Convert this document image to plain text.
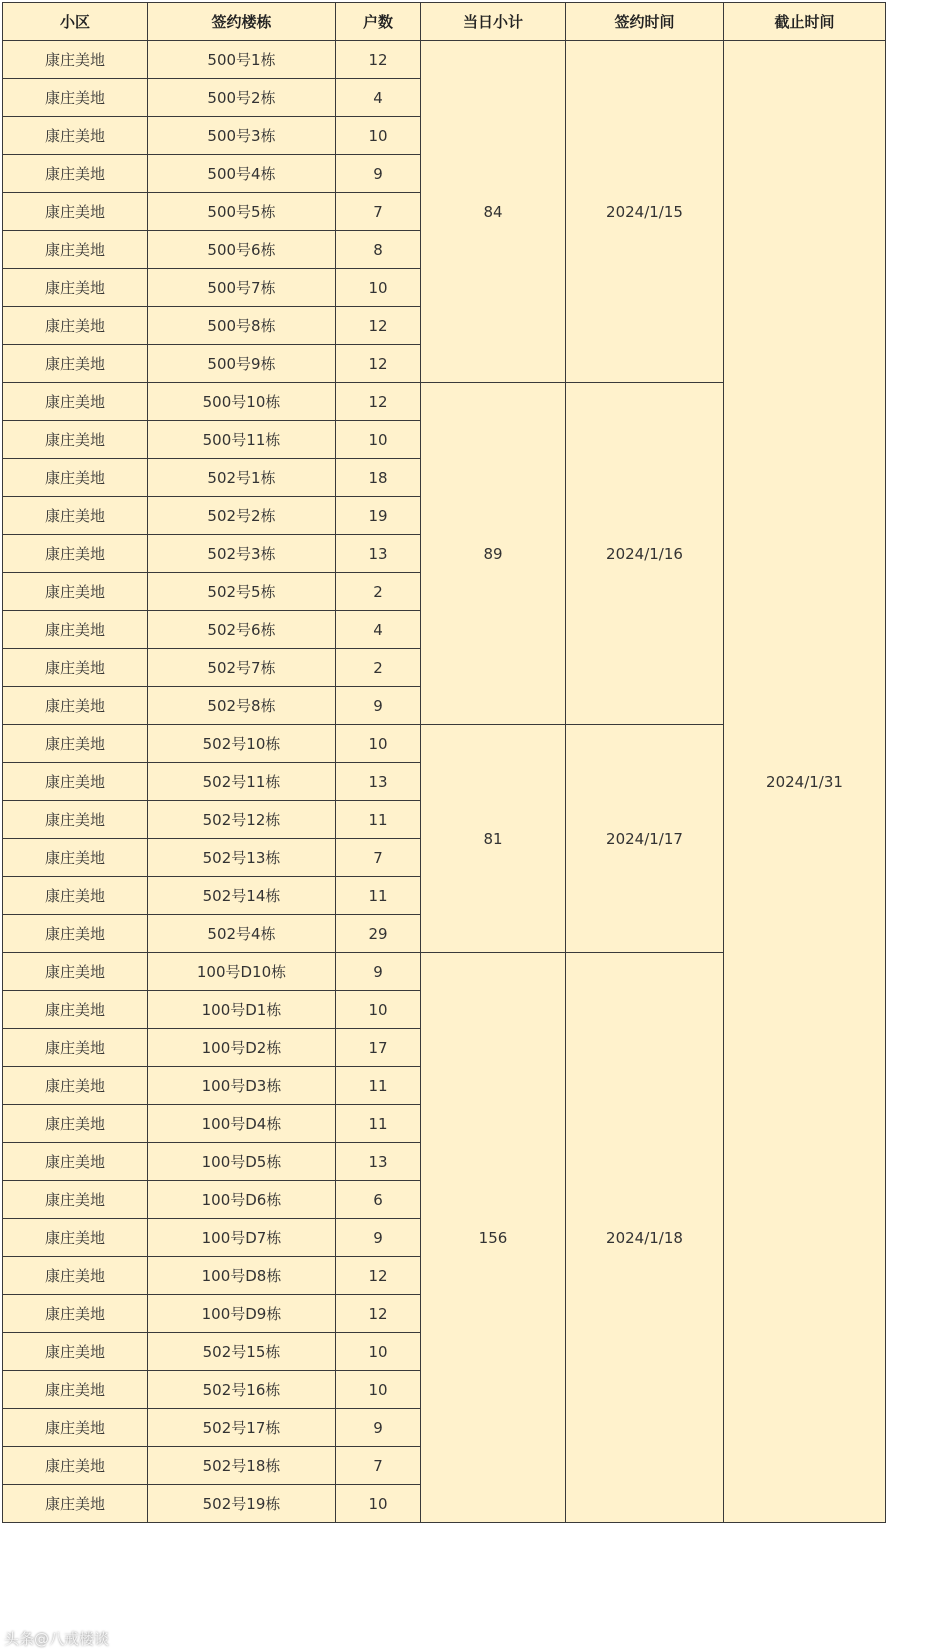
小区	签约楼栋	户数	当日小计	签约时间	截止时间
康庄美地	500号1栋	12	84	2024/1/15	2024/1/31
康庄美地	500号2栋	4			
康庄美地	500号3栋	10			
康庄美地	500号4栋	9			
康庄美地	500号5栋	7			
康庄美地	500号6栋	8			
康庄美地	500号7栋	10			
康庄美地	500号8栋	12			
康庄美地	500号9栋	12			
康庄美地	500号10栋	12	89	2024/1/16	
康庄美地	500号11栋	10			
康庄美地	502号1栋	18			
康庄美地	502号2栋	19			
康庄美地	502号3栋	13			
康庄美地	502号5栋	2			
康庄美地	502号6栋	4			
康庄美地	502号7栋	2			
康庄美地	502号8栋	9			
康庄美地	502号10栋	10	81	2024/1/17	
康庄美地	502号11栋	13			
康庄美地	502号12栋	11			
康庄美地	502号13栋	7			
康庄美地	502号14栋	11			
康庄美地	502号4栋	29			
康庄美地	100号D10栋	9	156	2024/1/18	
康庄美地	100号D1栋	10			
康庄美地	100号D2栋	17			
康庄美地	100号D3栋	11			
康庄美地	100号D4栋	11			
康庄美地	100号D5栋	13			
康庄美地	100号D6栋	6			
康庄美地	100号D7栋	9			
康庄美地	100号D8栋	12			
康庄美地	100号D9栋	12			
康庄美地	502号15栋	10			
康庄美地	502号16栋	10			
康庄美地	502号17栋	9			
康庄美地	502号18栋	7			
康庄美地	502号19栋	10			
头条@八戒楼谈
